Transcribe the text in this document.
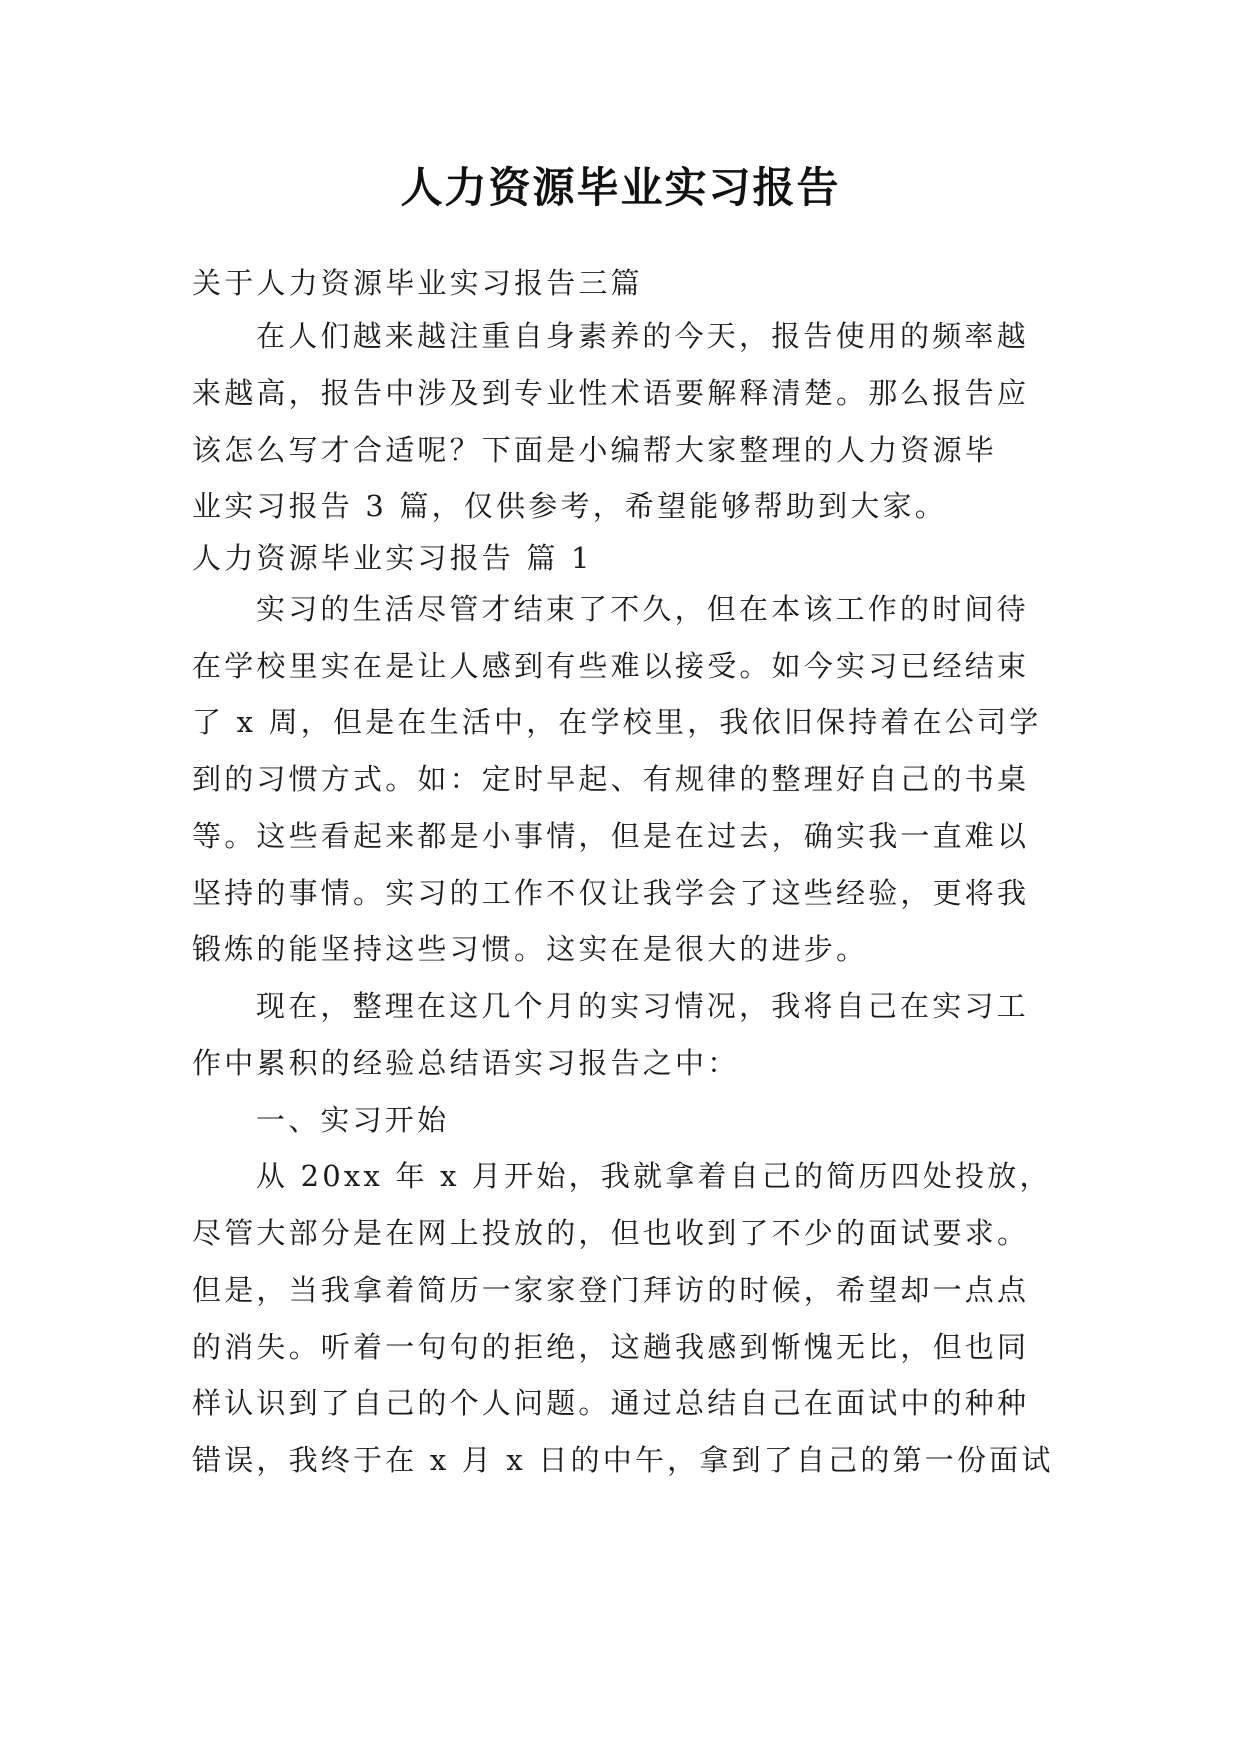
人力资源毕业实习报告
关于人力资源毕业实习报告三篇
在人们越来越注重自身素养的今天，报告使用的频率越
来越高，报告中涉及到专业性术语要解释清楚。那么报告应
该怎么写才合适呢？下面是小编帮大家整理的人力资源毕
业实习报告 3 篇，仅供参考，希望能够帮助到大家。
人力资源毕业实习报告 篇 1
实习的生活尽管才结束了不久，但在本该工作的时间待
在学校里实在是让人感到有些难以接受。如今实习已经结束
了 x 周，但是在生活中，在学校里，我依旧保持着在公司学
到的习惯方式。如：定时早起、有规律的整理好自己的书桌
等。这些看起来都是小事情，但是在过去，确实我一直难以
坚持的事情。实习的工作不仅让我学会了这些经验，更将我
锻炼的能坚持这些习惯。这实在是很大的进步。
现在，整理在这几个月的实习情况，我将自己在实习工
作中累积的经验总结语实习报告之中：
一、实习开始
从 20xx 年 x 月开始，我就拿着自己的简历四处投放，
尽管大部分是在网上投放的，但也收到了不少的面试要求。
但是，当我拿着简历一家家登门拜访的时候，希望却一点点
的消失。听着一句句的拒绝，这趟我感到惭愧无比，但也同
样认识到了自己的个人问题。通过总结自己在面试中的种种
错误，我终于在 x 月 x 日的中午，拿到了自己的第一份面试
